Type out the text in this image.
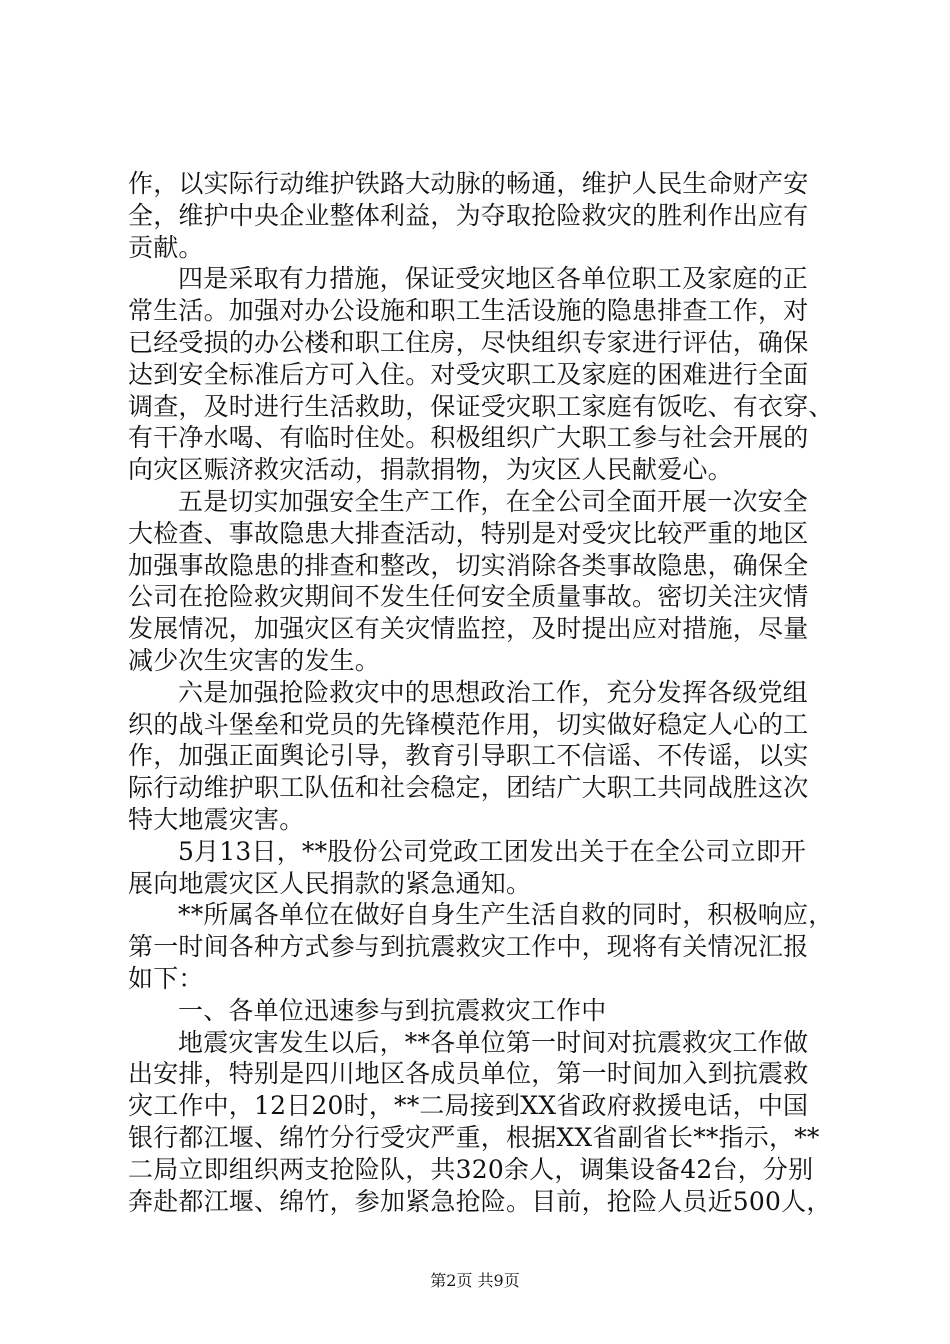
作，以实际行动维护铁路大动脉的畅通，维护人民生命财产安
全，维护中央企业整体利益，为夺取抢险救灾的胜利作出应有
贡献。
四是采取有力措施，保证受灾地区各单位职工及家庭的正
常生活。加强对办公设施和职工生活设施的隐患排查工作，对
已经受损的办公楼和职工住房，尽快组织专家进行评估，确保
达到安全标准后方可入住。对受灾职工及家庭的困难进行全面
调查，及时进行生活救助，保证受灾职工家庭有饭吃、有衣穿、
有干净水喝、有临时住处。积极组织广大职工参与社会开展的
向灾区赈济救灾活动，捐款捐物，为灾区人民献爱心。
五是切实加强安全生产工作，在全公司全面开展一次安全
大检查、事故隐患大排查活动，特别是对受灾比较严重的地区
加强事故隐患的排查和整改，切实消除各类事故隐患，确保全
公司在抢险救灾期间不发生任何安全质量事故。密切关注灾情
发展情况，加强灾区有关灾情监控，及时提出应对措施，尽量
减少次生灾害的发生。
六是加强抢险救灾中的思想政治工作，充分发挥各级党组
织的战斗堡垒和党员的先锋模范作用，切实做好稳定人心的工
作，加强正面舆论引导，教育引导职工不信谣、不传谣，以实
际行动维护职工队伍和社会稳定，团结广大职工共同战胜这次
特大地震灾害。
5月13日，**股份公司党政工团发出关于在全公司立即开
展向地震灾区人民捐款的紧急通知。
**所属各单位在做好自身生产生活自救的同时，积极响应，
第一时间各种方式参与到抗震救灾工作中，现将有关情况汇报
如下：
一、各单位迅速参与到抗震救灾工作中
地震灾害发生以后，**各单位第一时间对抗震救灾工作做
出安排，特别是四川地区各成员单位，第一时间加入到抗震救
灾工作中，12日20时，**二局接到XX省政府救援电话，中国
银行都江堰、绵竹分行受灾严重，根据XX省副省长**指示，**
二局立即组织两支抢险队，共320余人，调集设备42台，分别
奔赴都江堰、绵竹，参加紧急抢险。目前，抢险人员近500人，
第2页 共9页
